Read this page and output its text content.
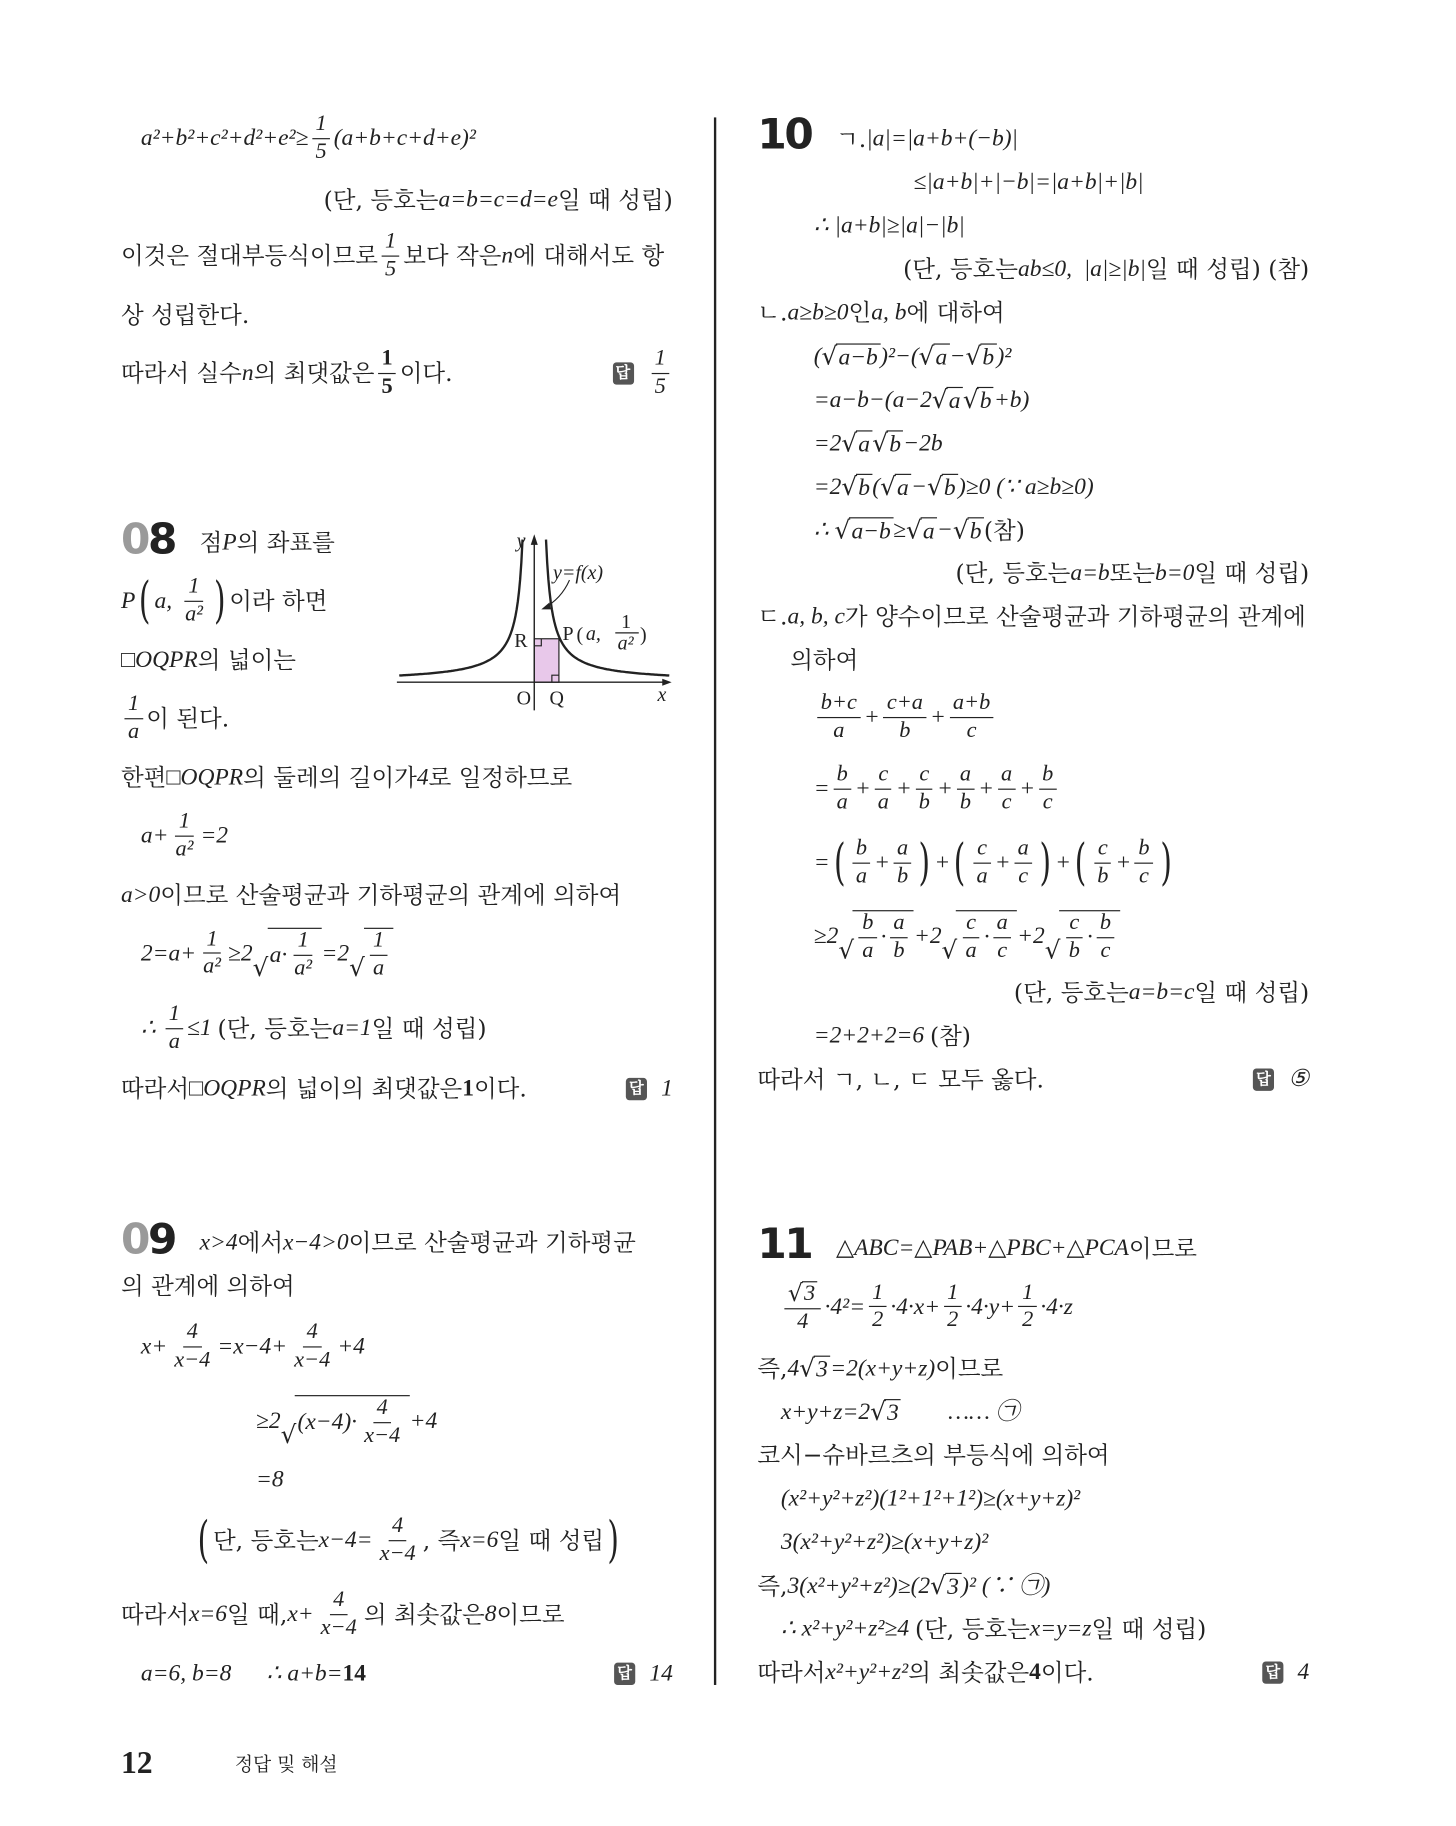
$a^2+b^2+c^2+d^2+e^2\ge \frac{1}{5} (a+b+c+d+e)^2$
(단, 등호는 a=b=c=d=e 일 때 성립)
이것은 절대부등식이므로 $\frac{1}{5}$ 보다 작은 n 에 대해서도 항
상 성립한다.
따라서 실수 n 의 최댓값은 $\frac{1}{5}$ 이다.	답 $\frac{1}{5}$
08 점 P 의 좌표를
P ( a, $\frac{1}{\text{a²}}$ ) 이라 하면
□OQPR 의 넓이는
$\frac{1}{a}$ 이 된다.
한편 □OQPR 의 둘레의 길이가 4 로 일정하므로
$a+ \frac{1}{\text{a²}} =2$
a>0 이므로 산술평균과 기하평균의 관계에 의하여
$2=a+ \frac{1}{\text{a²}} \ge 2$ √ $a\cdot \frac{1}{\text{a²}} =2$ √ $\frac{1}{a}$
∴ $\frac{1}{a} \le 1$ (단, 등호는 a=1 일 때 성립)
따라서 □OQPR 의 넓이의 최댓값은 1 이다.	답 1
y
x
O Q
R
y=f(x)
P ( a,
1
a² )
09 x>4 에서 x−4>0 이므로 산술평균과 기하평균
의 관계에 의하여
$x+ \frac{4}{x-4} =x-4+ \frac{4}{x-4} +4$
≥2 √ $(x-4)\cdot \frac{4}{x-4} +4$
=8
( 단, 등호는 $x-4= \frac{4}{x-4}$ , 즉 x=6 일 때 성립 )
따라서 x=6 일 때, $x+ \frac{4}{x-4}$ 의 최솟값은 8 이므로
a=6, b=8      ∴ a+b= 14	답 14
10 ㄱ. |a|=|a+b+(−b)|
≤|a+b|+|−b|=|a+b|+|b|
∴ |a+b|≥|a|−|b|
(단, 등호는 ab≤0,  |a|≥|b| 일 때 성립) (참)
ㄴ. a≥b≥0 인 a, b 에 대하여
( √ a−b )²−( √ a − √ b )²
=a−b−(a−2 √ a √ b +b)
=2 √ a √ b −2b
=2 √ b ( √ a − √ b )≥0 (∵ a≥b≥0)
∴ √ a−b ≥ √ a − √ b (참)
(단, 등호는 a=b 또는 b=0 일 때 성립)
ㄷ. a, b, c 가 양수이므로 산술평균과 기하평균의 관계에
의하여
$\frac{b+c}{a} + \frac{c+a}{b} + \frac{a+b}{c}$
= $\frac{b}{a} + \frac{c}{a} + \frac{c}{b} + \frac{a}{b} + \frac{a}{c} + \frac{b}{c}$
= ( $\frac{b}{a} + \frac{a}{b}$ ) + ( $\frac{c}{a} + \frac{a}{c}$ ) + ( $\frac{c}{b} + \frac{b}{c}$ )
≥2 √ $\frac{b}{a} \cdot \frac{a}{b} +2$ √ $\frac{c}{a} \cdot \frac{a}{c} +2$ √ $\frac{c}{b} \cdot \frac{b}{c}$
(단, 등호는 a=b=c 일 때 성립)
=2+2+2=6 (참)
따라서 ㄱ, ㄴ, ㄷ 모두 옳다.	답 ⑤
11 △ABC=△PAB+△PBC+△PCA 이므로
$\frac{√ 3}{4} \cdot 4^2= \frac{1}{2} \cdot 4\cdot x+ \frac{1}{2} \cdot 4\cdot y+ \frac{1}{2} \cdot 4\cdot z$
즉, 4 √ 3 =2(x+y+z) 이므로
x+y+z=2 √ 3 …… ㉠
코시−슈바르츠의 부등식에 의하여
(x²+y²+z²)(1²+1²+1²)≥(x+y+z)²
3(x²+y²+z²)≥(x+y+z)²
즉, 3(x²+y²+z²)≥(2 √ 3 )² (∵ ㉠)
∴ x²+y²+z²≥4 (단, 등호는 x=y=z 일 때 성립)
따라서 x²+y²+z² 의 최솟값은 4 이다.	답 4
12	정답 및 해설
